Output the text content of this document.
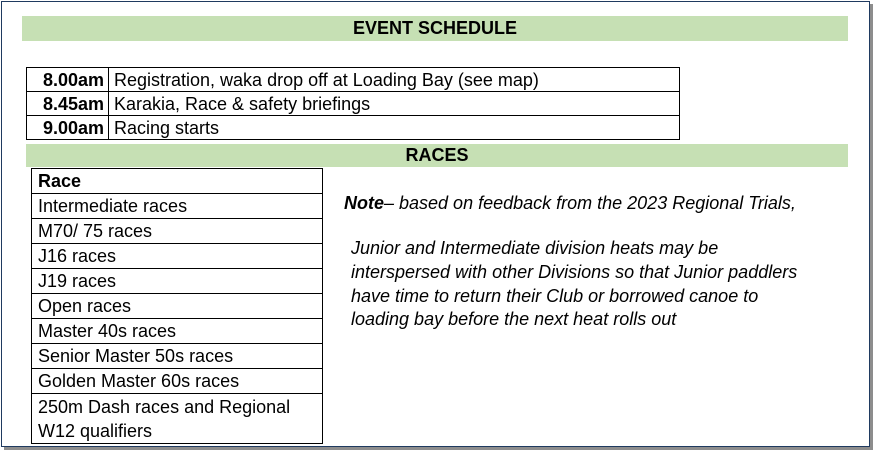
EVENT SCHEDULE
8.00am	Registration, waka drop off at Loading Bay (see map)
8.45am	Karakia, Race & safety briefings
9.00am	Racing starts
RACES
Race
Intermediate races
M70/ 75 races
J16 races
J19 races
Open races
Master 40s races
Senior Master 50s races
Golden Master 60s races

250m Dash races and Regional
W12 qualifiers
Note– based on feedback from the 2023 Regional Trials,
Junior and Intermediate division heats may be
interspersed with other Divisions so that Junior paddlers
have time to return their Club or borrowed canoe to
loading bay before the next heat rolls out
